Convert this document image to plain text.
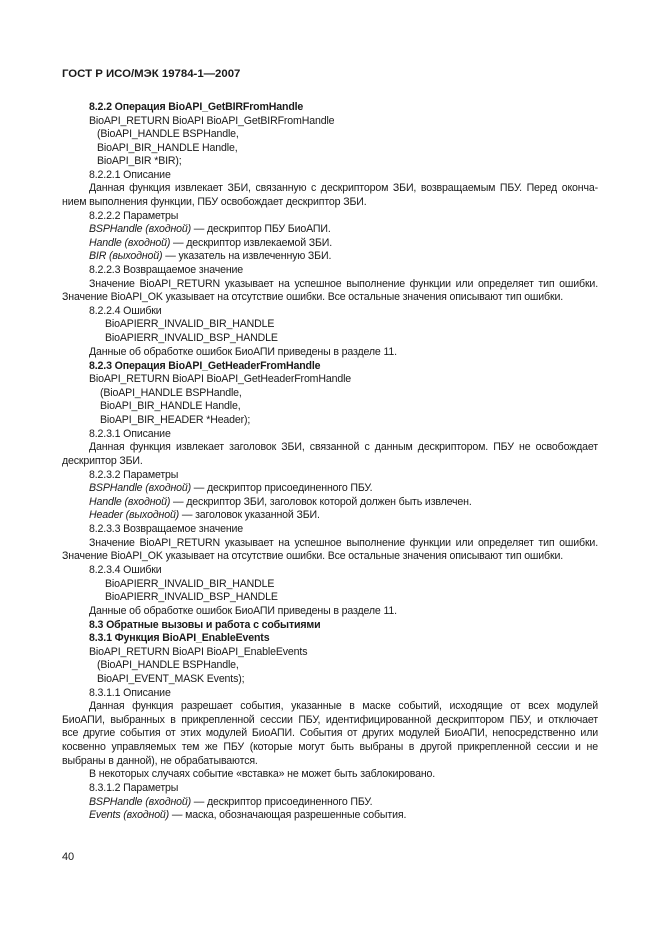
ГОСТ Р ИСО/МЭК 19784-1—2007
8.2.2 Операция BioAPI_GetBIRFromHandle
BioAPI_RETURN BioAPI BioAPI_GetBIRFromHandle
(BioAPI_HANDLE BSPHandle,
BioAPI_BIR_HANDLE Handle,
BioAPI_BIR *BIR);
8.2.2.1 Описание
Данная функция извлекает ЗБИ, связанную с дескриптором ЗБИ, возвращаемым ПБУ. Перед оконча-
нием выполнения функции, ПБУ освобождает дескриптор ЗБИ.
8.2.2.2 Параметры
BSPHandle (входной) — дескриптор ПБУ БиоАПИ.
Handle (входной) — дескриптор извлекаемой ЗБИ.
BIR (выходной) — указатель на извлеченную ЗБИ.
8.2.2.3 Возвращаемое значение
Значение BioAPI_RETURN указывает на успешное выполнение функции или определяет тип ошибки.
Значение BioAPI_OK указывает на отсутствие ошибки. Все остальные значения описывают тип ошибки.
8.2.2.4 Ошибки
BioAPIERR_INVALID_BIR_HANDLE
BioAPIERR_INVALID_BSP_HANDLE
Данные об обработке ошибок БиоАПИ приведены в разделе 11.
8.2.3 Операция BioAPI_GetHeaderFromHandle
BioAPI_RETURN BioAPI BioAPI_GetHeaderFromHandle
(BioAPI_HANDLE BSPHandle,
BioAPI_BIR_HANDLE Handle,
BioAPI_BIR_HEADER *Header);
8.2.3.1 Описание
Данная функция извлекает заголовок ЗБИ, связанной с данным дескриптором. ПБУ не освобождает
дескриптор ЗБИ.
8.2.3.2 Параметры
BSPHandle (входной) — дескриптор присоединенного ПБУ.
Handle (входной) — дескриптор ЗБИ, заголовок которой должен быть извлечен.
Header (выходной) — заголовок указанной ЗБИ.
8.2.3.3 Возвращаемое значение
Значение BioAPI_RETURN указывает на успешное выполнение функции или определяет тип ошибки.
Значение BioAPI_OK указывает на отсутствие ошибки. Все остальные значения описывают тип ошибки.
8.2.3.4 Ошибки
BioAPIERR_INVALID_BIR_HANDLE
BioAPIERR_INVALID_BSP_HANDLE
Данные об обработке ошибок БиоАПИ приведены в разделе 11.
8.3 Обратные вызовы и работа с событиями
8.3.1 Функция BioAPI_EnableEvents
BioAPI_RETURN BioAPI BioAPI_EnableEvents
(BioAPI_HANDLE BSPHandle,
BioAPI_EVENT_MASK Events);
8.3.1.1 Описание
Данная функция разрешает события, указанные в маске событий, исходящие от всех модулей
БиоАПИ, выбранных в прикрепленной сессии ПБУ, идентифицированной дескриптором ПБУ, и отключает
все другие события от этих модулей БиоАПИ. События от других модулей БиоАПИ, непосредственно или
косвенно управляемых тем же ПБУ (которые могут быть выбраны в другой прикрепленной сессии и не
выбраны в данной), не обрабатываются.
В некоторых случаях событие «вставка» не может быть заблокировано.
8.3.1.2 Параметры
BSPHandle (входной) — дескриптор присоединенного ПБУ.
Events (входной) — маска, обозначающая разрешенные события.
40
